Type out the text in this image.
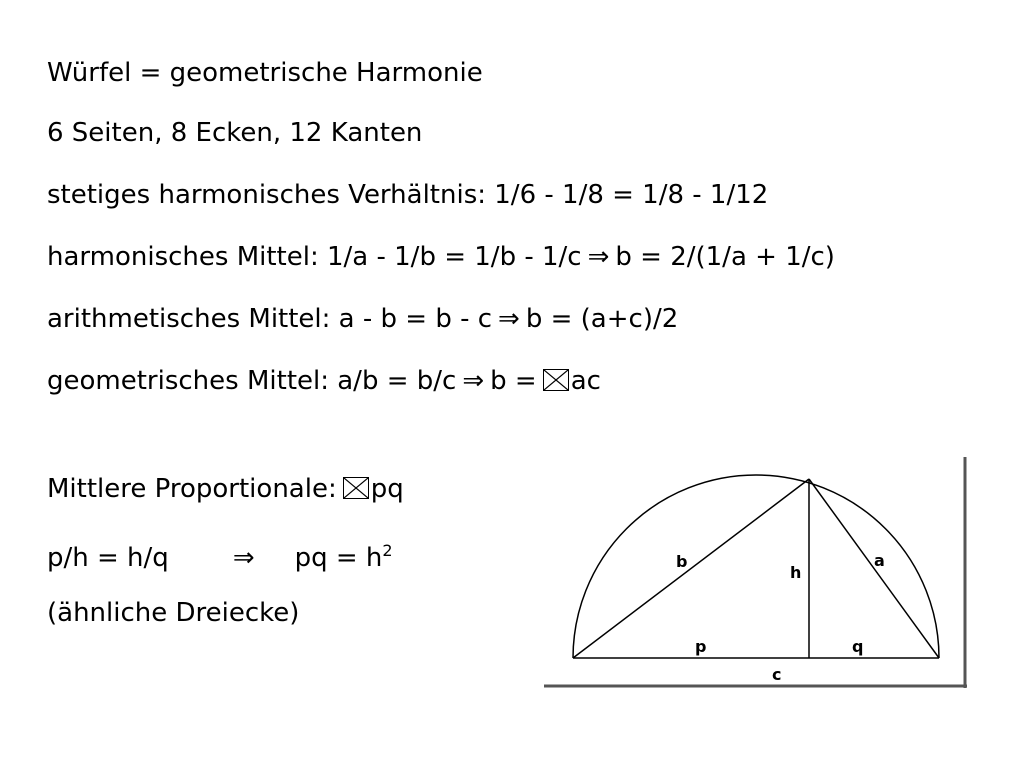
Würfel = geometrische Harmonie

6 Seiten, 8 Ecken, 12 Kanten

stetiges harmonisches Verhältnis: 1/6 - 1/8 = 1/8 - 1/12

harmonisches Mittel: 1/a - 1/b = 1/b - 1/c ⇒ b = 2/(1/a + 1/c)

arithmetisches Mittel: a - b = b - c ⇒ b = (a+c)/2

geometrisches Mittel: a/b = b/c ⇒ b = ac

Mittlere Proportionale: pq

p/h = h/q ⇒ pq = $h^2$

(ähnliche Dreiecke)

b
h
a
p	q
c
